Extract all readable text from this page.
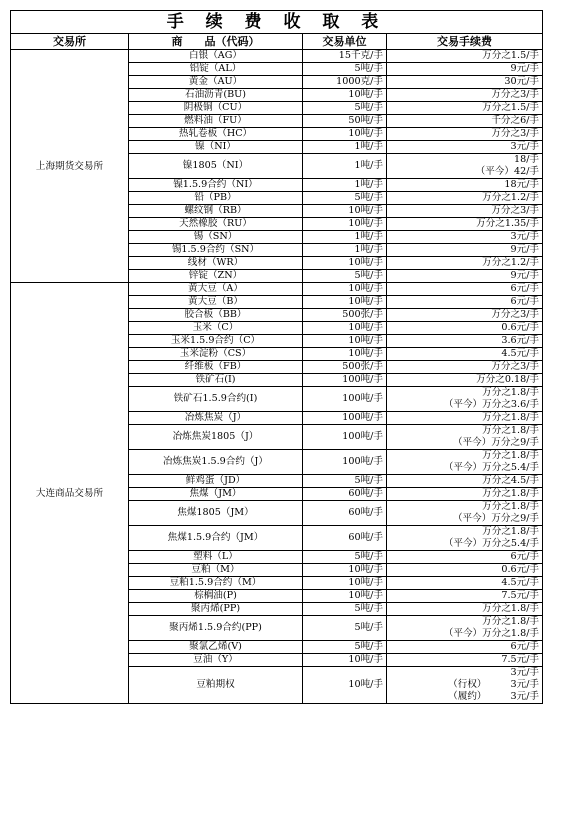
手 续 费 收 取 表			
交易所	商　　品（代码）	交易单位	交易手续费
上海期货交易所	白银（AG）	15千克/手	万分之1.5/手

	铝锭（AL）	5吨/手	9元/手

	黄金（AU）	1000克/手	30元/手

	石油沥青(BU)	10吨/手	万分之3/手

	阴极铜（CU）	5吨/手	万分之1.5/手

	燃料油（FU）	50吨/手	千分之6/手

	热轧卷板（HC）	10吨/手	万分之3/手

	镍（NI）	1吨/手	3元/手

	镍1805（NI）	1吨/手	18/手
（平今）42/手

	镍1.5.9合约（NI）	1吨/手	18元/手

	铅（PB）	5吨/手	万分之1.2/手

	螺纹钢（RB）	10吨/手	万分之3/手

	天然橡胶（RU）	10吨/手	万分之1.35/手

	锡（SN）	1吨/手	3元/手

	锡1.5.9合约（SN）	1吨/手	9元/手

	线材（WR）	10吨/手	万分之1.2/手

	锌锭（ZN）	5吨/手	9元/手

大连商品交易所	黄大豆（A）	10吨/手	6元/手

	黄大豆（B）	10吨/手	6元/手

	胶合板（BB）	500张/手	万分之3/手

	玉米（C）	10吨/手	0.6元/手

	玉米1.5.9合约（C）	10吨/手	3.6元/手

	玉米淀粉（CS）	10吨/手	4.5元/手

	纤维板（FB）	500张/手	万分之3/手

	铁矿石(I)	100吨/手	万分之0.18/手

	铁矿石1.5.9合约(I)	100吨/手	万分之1.8/手
（平今）万分之3.6/手

	冶炼焦炭（J）	100吨/手	万分之1.8/手

	冶炼焦炭1805（J）	100吨/手	万分之1.8/手
（平今）万分之9/手

	冶炼焦炭1.5.9合约（J）	100吨/手	万分之1.8/手
（平今）万分之5.4/手

	鲜鸡蛋（JD）	5吨/手	万分之4.5/手

	焦煤（JM）	60吨/手	万分之1.8/手

	焦煤1805（JM）	60吨/手	万分之1.8/手
（平今）万分之9/手

	焦煤1.5.9合约（JM）	60吨/手	万分之1.8/手
（平今）万分之5.4/手

	塑料（L）	5吨/手	6元/手

	豆粕（M）	10吨/手	0.6元/手

	豆粕1.5.9合约（M）	10吨/手	4.5元/手

	棕榈油(P)	10吨/手	7.5元/手

	聚丙烯(PP)	5吨/手	万分之1.8/手

	聚丙烯1.5.9合约(PP)	5吨/手	万分之1.8/手
（平今）万分之1.8/手

	聚氯乙烯(V)	5吨/手	6元/手

	豆油（Y）	10吨/手	7.5元/手

	豆粕期权	10吨/手	3元/手
（行权）　　　3元/手
（履约）　　　3元/手
